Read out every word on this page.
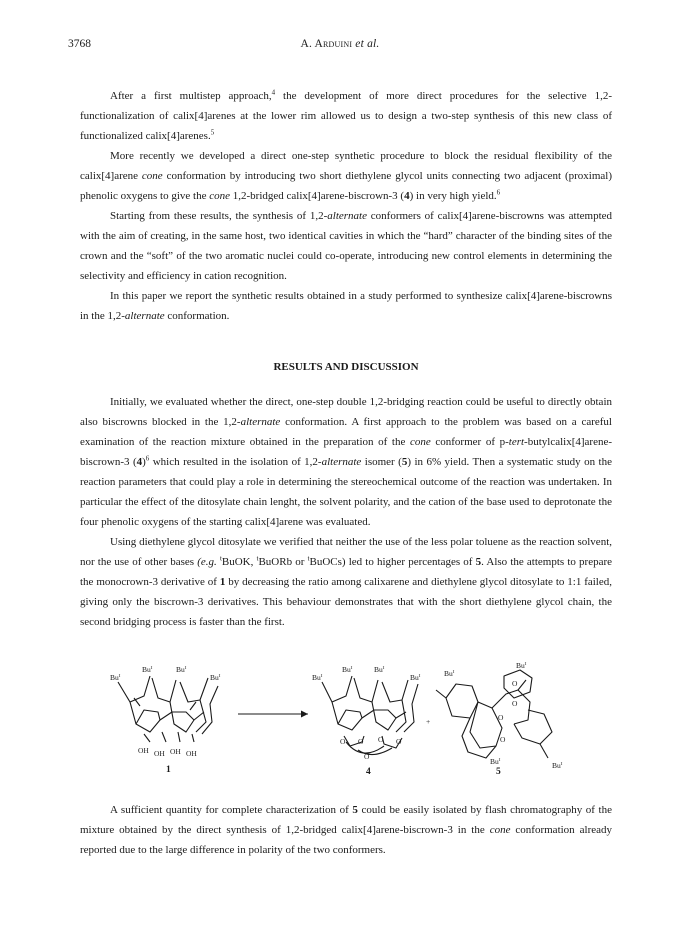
3768	A. Arduini et al.

After a first multistep approach,$^4$ the development of more direct procedures for the selective 1,2-functionalization of calix[4]arenes at the lower rim allowed us to design a two-step synthesis of this new class of functionalized calix[4]arenes.$^5$

More recently we developed a direct one-step synthetic procedure to block the residual flexibility of the calix[4]arene cone conformation by introducing two short diethylene glycol units connecting two adjacent (proximal) phenolic oxygens to give the cone 1,2-bridged calix[4]arene-biscrown-3 (4) in very high yield.$^6$

Starting from these results, the synthesis of 1,2-alternate conformers of calix[4]arene-biscrowns was attempted with the aim of creating, in the same host, two identical cavities in which the “hard” character of the binding sites of the crown and the “soft” of the two aromatic nuclei could co-operate, introducing new control elements in determining the selectivity and efficiency in cation recognition.

In this paper we report the synthetic results obtained in a study performed to synthesize calix[4]arene-biscrowns in the 1,2-alternate conformation.

RESULTS AND DISCUSSION

Initially, we evaluated whether the direct, one-step double 1,2-bridging reaction could be useful to directly obtain also biscrowns blocked in the 1,2-alternate conformation. A first approach to the problem was based on a careful examination of the reaction mixture obtained in the preparation of the cone conformer of p-tert-butylcalix[4]arene-biscrown-3 $(4)^6$ which resulted in the isolation of 1,2-alternate isomer (5) in 6% yield. Then a systematic study on the reaction parameters that could play a role in determining the stereochemical outcome of the reaction was undertaken. In particular the effect of the ditosylate chain lenght, the solvent polarity, and the cation of the base used to deprotonate the four phenolic oxygens of the starting calix[4]arene was evaluated.

Using diethylene glycol ditosylate we verified that neither the use of the less polar toluene as the reaction solvent, nor the use of other bases (e.g. $^t$BuOK, $^t$BuORb or $^t$BuOCs) led to higher percentages of 5. Also the attempts to prepare the monocrown-3 derivative of 1 by decreasing the ratio among calixarene and diethylene glycol ditosylate to 1:1 failed, giving only the biscrown-3 derivatives. This behaviour demonstrates that with the short diethylene glycol chain, the second bridging process is faster than the first.

Bu$^t$
Bu$^t$	Bu$^t$
Bu$^t$
OH OH OH OH
Bu$^t$
Bu$^t$	Bu$^t$
Bu$^t$
O O O O
O
+
$Bu^t$
Bu$^t$
Bu$^t$
Bu$^t$
O
O
O
O
1	4	5

A sufficient quantity for complete characterization of 5 could be easily isolated by flash chromatography of the mixture obtained by the direct synthesis of 1,2-bridged calix[4]arene-biscrown-3 in the cone conformation already reported due to the large difference in polarity of the two conformers.
